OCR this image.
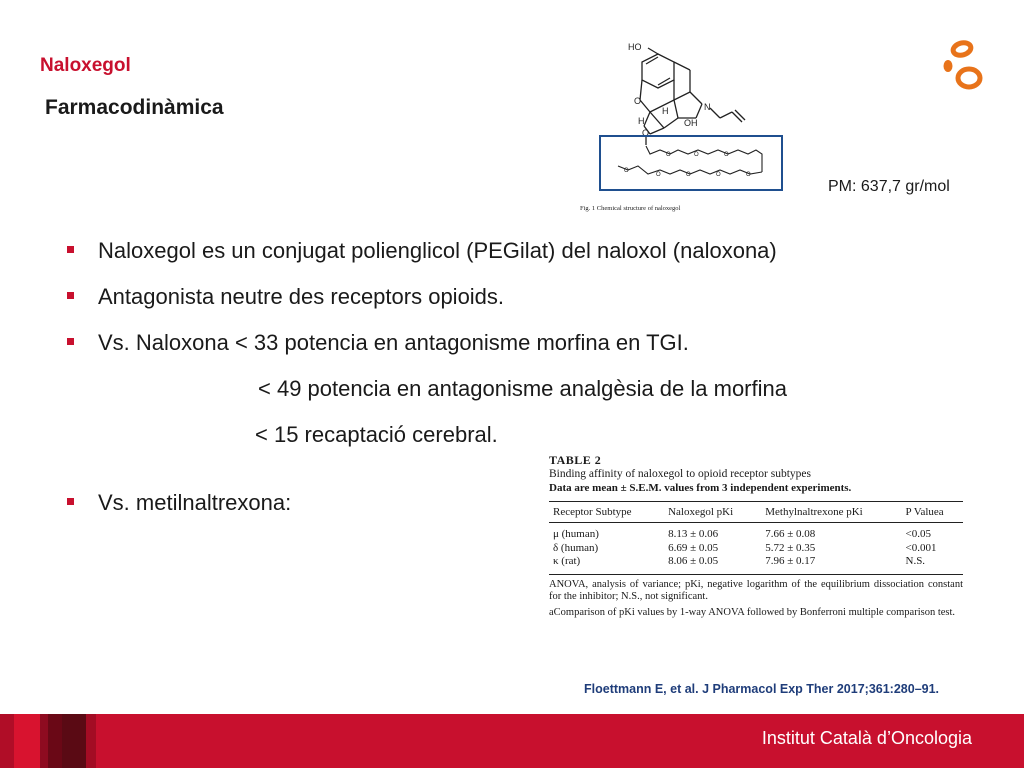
Naloxegol
Farmacodinàmica
HO
O
H
H	N
OH
O
O	O	O
O
O	O	O	O
Fig. 1 Chemical structure of naloxegol
PM: 637,7 gr/mol
Naloxegol es un conjugat polienglicol (PEGilat) del naloxol (naloxona)
Antagonista neutre des receptors opioids.
Vs. Naloxona < 33 potencia en antagonisme morfina en TGI.
< 49 potencia en antagonisme analgèsia de la morfina
< 15 recaptació cerebral.
Vs. metilnaltrexona:
TABLE 2
Binding affinity of naloxegol to opioid receptor subtypes
Data are mean ± S.E.M. values from 3 independent experiments.
Receptor Subtype	Naloxegol pKi	Methylnaltrexone pKi	P Valuea
μ (human)	8.13 ± 0.06	7.66 ± 0.08	<0.05
δ (human)	6.69 ± 0.05	5.72 ± 0.35	<0.001
κ (rat)	8.06 ± 0.05	7.96 ± 0.17	N.S.
ANOVA, analysis of variance; pKi, negative logarithm of the equilibrium dissociation constant for the inhibitor; N.S., not significant.
aComparison of pKi values by 1-way ANOVA followed by Bonferroni multiple comparison test.
Floettmann E, et al. J Pharmacol Exp Ther 2017;361:280–91.
Institut Català d’Oncologia
